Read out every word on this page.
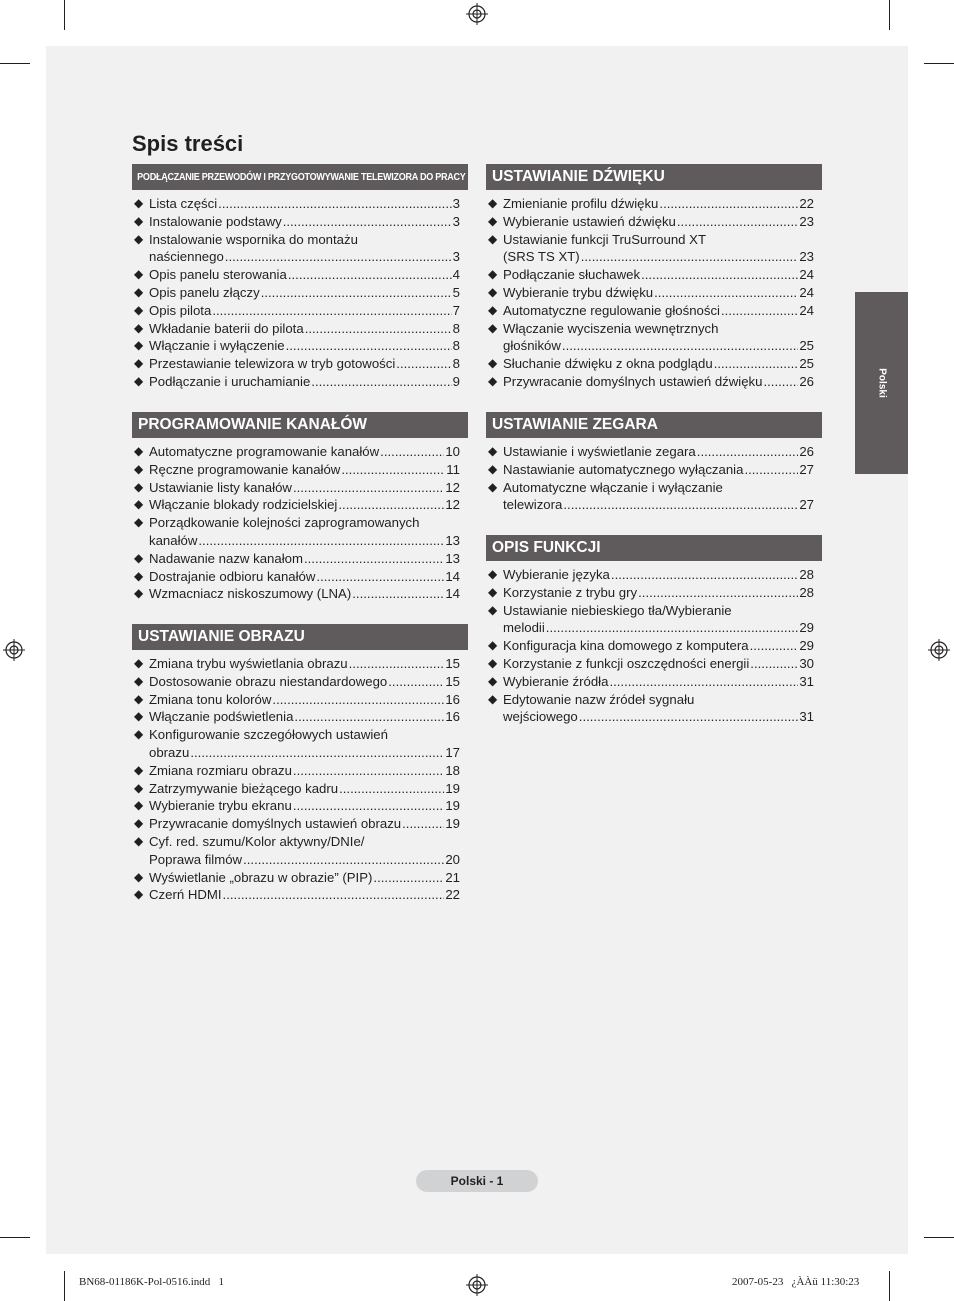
Spis treści
PODŁĄCZANIE PRZEWODÓW I PRZYGOTOWYWANIE TELEWIZORA DO PRACY
◆ Lista części .....	3
◆ Instalowanie podstawy .....	3
◆ Instalowanie wspornika do montażu
naściennego .....	3
◆ Opis panelu sterowania .....	4
◆ Opis panelu złączy .....	5
◆ Opis pilota .....	7
◆ Wkładanie baterii do pilota .....	8
◆ Włączanie i wyłączenie .....	8
◆ Przestawianie telewizora w tryb gotowości .....	8
◆ Podłączanie i uruchamianie .....	9
PROGRAMOWANIE KANAŁÓW
◆ Automatyczne programowanie kanałów .....	10
◆ Ręczne programowanie kanałów .....	11
◆ Ustawianie listy kanałów .....	12
◆ Włączanie blokady rodzicielskiej .....	12
◆ Porządkowanie kolejności zaprogramowanych
kanałów .....	13
◆ Nadawanie nazw kanałom .....	13
◆ Dostrajanie odbioru kanałów .....	14
◆ Wzmacniacz niskoszumowy (LNA) .....	14
USTAWIANIE OBRAZU
◆ Zmiana trybu wyświetlania obrazu .....	15
◆ Dostosowanie obrazu niestandardowego .....	15
◆ Zmiana tonu kolorów .....	16
◆ Włączanie podświetlenia .....	16
◆ Konfigurowanie szczegółowych ustawień
obrazu .....	17
◆ Zmiana rozmiaru obrazu .....	18
◆ Zatrzymywanie bieżącego kadru .....	19
◆ Wybieranie trybu ekranu .....	19
◆ Przywracanie domyślnych ustawień obrazu .....	19
◆ Cyf. red. szumu/Kolor aktywny/DNIe/
Poprawa filmów .....	20
◆ Wyświetlanie „obrazu w obrazie” (PIP) .....	21
◆ Czerń HDMI .....	22
USTAWIANIE DŹWIĘKU
◆ Zmienianie profilu dźwięku .....	22
◆ Wybieranie ustawień dźwięku .....	23
◆ Ustawianie funkcji TruSurround XT
(SRS TS XT) .....	23
◆ Podłączanie słuchawek .....	24
◆ Wybieranie trybu dźwięku .....	24
◆ Automatyczne regulowanie głośności .....	24
◆ Włączanie wyciszenia wewnętrznych
głośników .....	25
◆ Słuchanie dźwięku z okna podglądu .....	25
◆ Przywracanie domyślnych ustawień dźwięku .....	26
USTAWIANIE ZEGARA
◆ Ustawianie i wyświetlanie zegara .....	26
◆ Nastawianie automatycznego wyłączania .....	27
◆ Automatyczne włączanie i wyłączanie
telewizora .....	27
OPIS FUNKCJI
◆ Wybieranie języka .....	28
◆ Korzystanie z trybu gry .....	28
◆ Ustawianie niebieskiego tła/Wybieranie
melodii .....	29
◆ Konfiguracja kina domowego z komputera .....	29
◆ Korzystanie z funkcji oszczędności energii .....	30
◆ Wybieranie źródła .....	31
◆ Edytowanie nazw źródeł sygnału
wejściowego .....	31
Polski
Polski - 1
BN68-01186K-Pol-0516.indd   1	2007-05-23   ¿ÀÀü 11:30:23
